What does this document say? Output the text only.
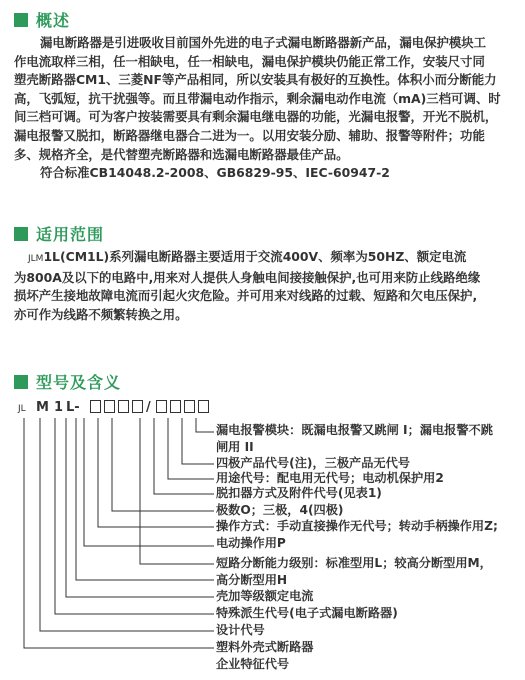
概述
漏电断路器是引进吸收目前国外先进的电子式漏电断路器新产品，漏电保护模块工
作电流取样三相，任一相缺电，任一相缺电，漏电保护模块仍能正常工作，安装尺寸同
塑壳断路器CM1、三菱NF等产品相同，所以安装具有极好的互换性。体积小而分断能力
高，飞弧短，抗干扰强等。而且带漏电动作指示，剩余漏电动作电流（mA)三档可调、时
间三档可调。可为客户按装需要具有剩余漏电继电器的功能，光漏电报警，开光不脱机，
漏电报警又脱扣，断路器继电器合二进为一。以用安装分励、辅助、报警等附件；功能
多、规格齐全，是代替塑壳断路器和选漏电断路器最佳产品。
符合标准CB14048.2-2008、GB6829-95、IEC-60947-2
适用范围
JLM1L(CM1L)系列漏电断路器主要适用于交流400V、频率为50HZ、额定电流
为800A及以下的电路中,用来对人提供人身触电间接接触保护,也可用来防止线路绝缘
损坏产生接地故障电流而引起火灾危险。并可用来对线路的过载、短路和欠电压保护,
亦可作为线路不频繁转换之用。
型号及含义
JL M 1 L-	/
漏电报警模块：既漏电报警又跳闸 I；漏电报警不跳
闸用 II
四极产品代号(注)，三极产品无代号
用途代号：配电用无代号；电动机保护用2
脱扣器方式及附件代号(见表1)
极数O；三极，4(四极)
操作方式：手动直接操作无代号；转动手柄操作用Z;
电动操作用P
短路分断能力级别：标准型用L；较高分断型用M，
高分断型用H
壳加等级额定电流
特殊派生代号(电子式漏电断路器)
设计代号
塑料外壳式断路器
企业特征代号
